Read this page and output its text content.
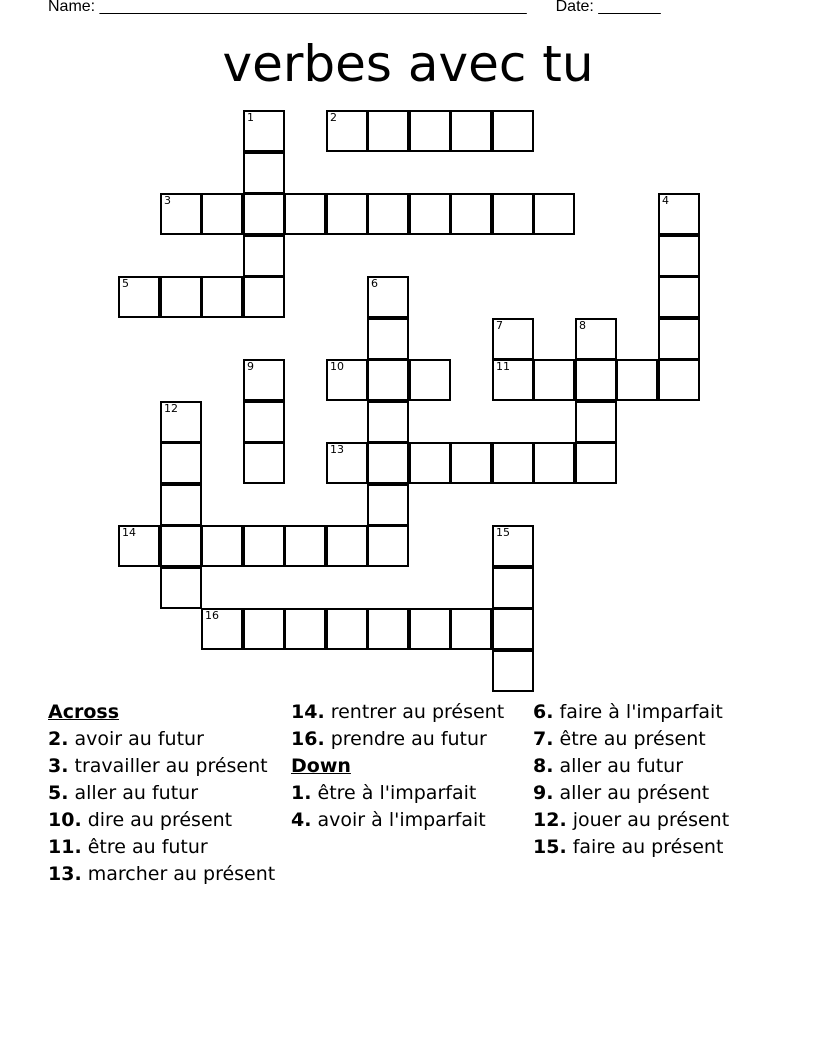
Name: ________________________________________________ Date: _______
verbes avec tu
2
3
5
10	11
13
14
16
1
4
6
7	8
9
12
15
Across
2. avoir au futur
3. travailler au présent
5. aller au futur
10. dire au présent
11. être au futur
13. marcher au présent
14. rentrer au présent
16. prendre au futur
Down
1. être à l'imparfait
4. avoir à l'imparfait
6. faire à l'imparfait
7. être au présent
8. aller au futur
9. aller au présent
12. jouer au présent
15. faire au présent
